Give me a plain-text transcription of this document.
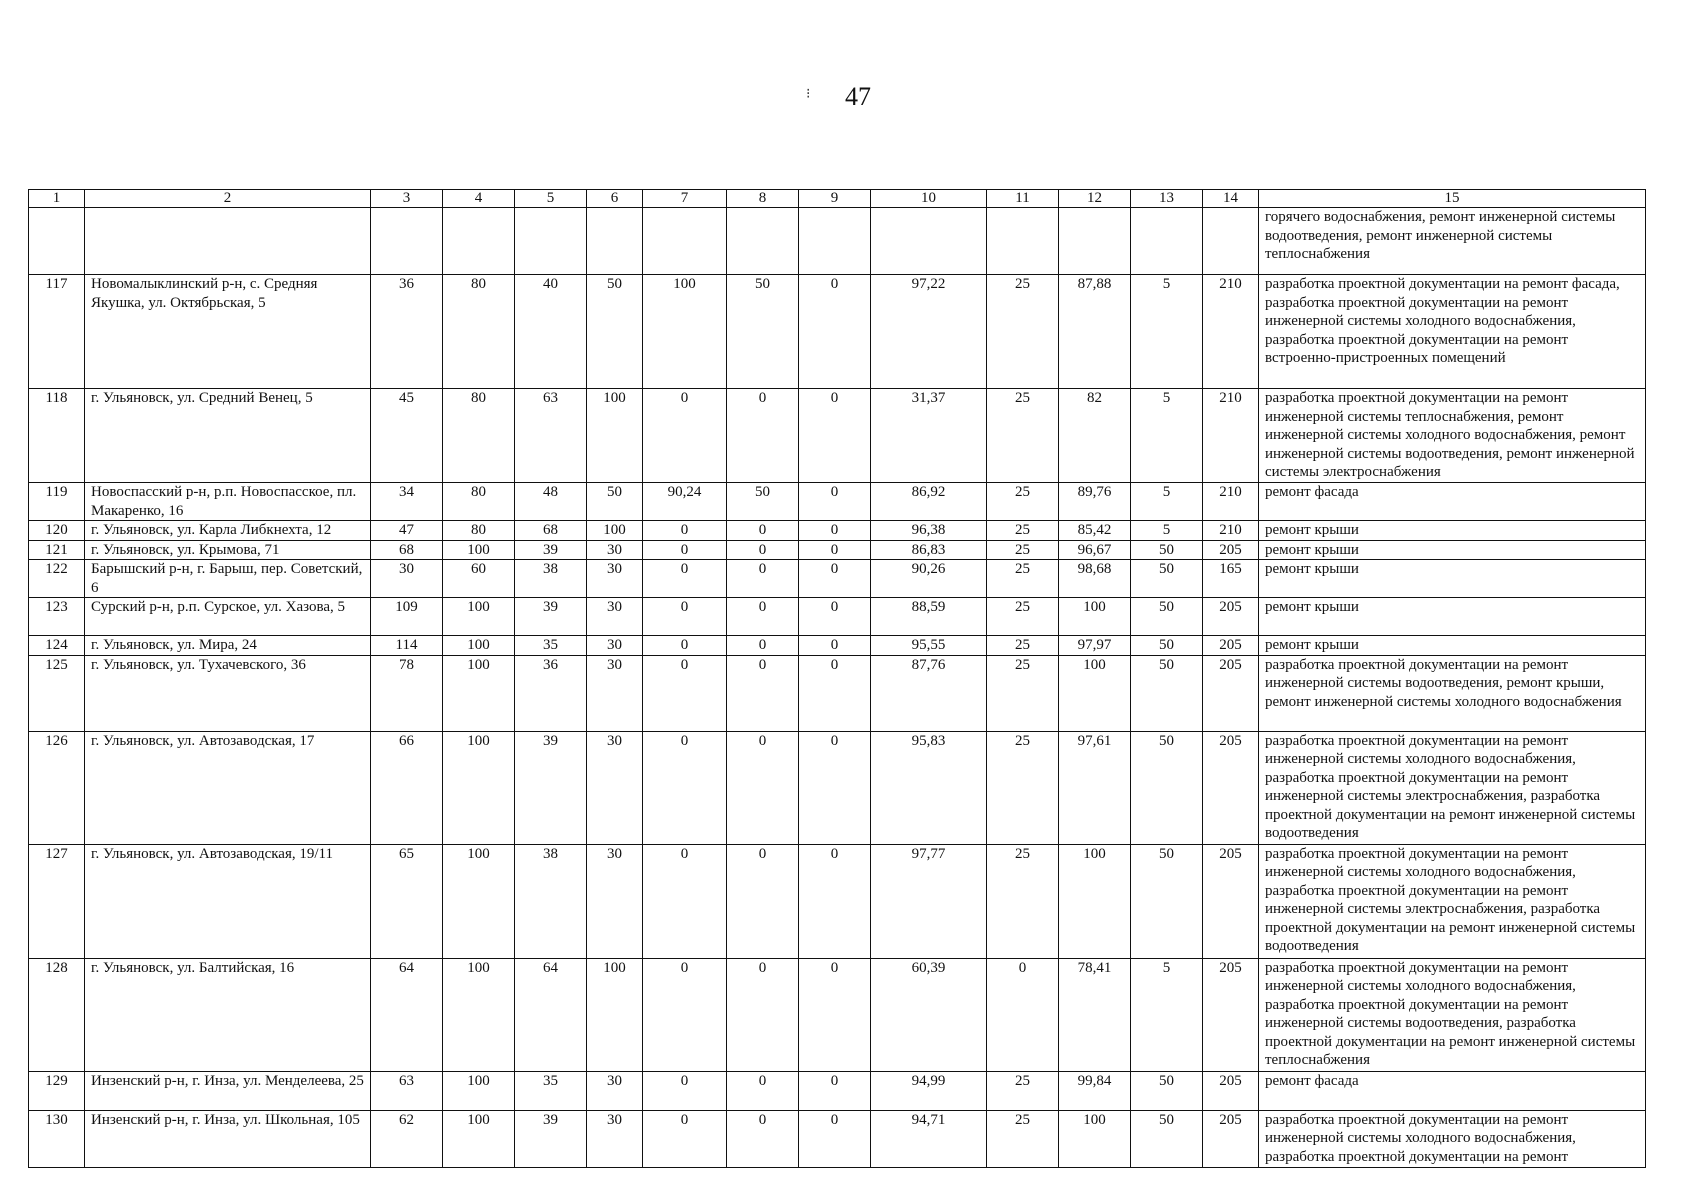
47
⁝
1	2	3	4	5	6	7	8	9	10	11	12	13	14	15
														горячего водоснабжения, ремонт инженерной системы водоотведения, ремонт инженерной системы теплоснабжения
117	Новомалыклинский р-н, с. Средняя Якушка, ул. Октябрьская, 5	36	80	40	50	100	50	0	97,22	25	87,88	5	210	разработка проектной документации на ремонт фасада, разработка проектной документации на ремонт инженерной системы холодного водоснабжения, разработка проектной документации на ремонт встроенно-пристроенных помещений
118	г. Ульяновск, ул. Средний Венец, 5	45	80	63	100	0	0	0	31,37	25	82	5	210	разработка проектной документации на ремонт инженерной системы теплоснабжения, ремонт инженерной системы холодного водоснабжения, ремонт инженерной системы водоотведения, ремонт инженерной системы электроснабжения
119	Новоспасский р-н, р.п. Новоспасское, пл. Макаренко, 16	34	80	48	50	90,24	50	0	86,92	25	89,76	5	210	ремонт фасада
120	г. Ульяновск, ул. Карла Либкнехта, 12	47	80	68	100	0	0	0	96,38	25	85,42	5	210	ремонт крыши
121	г. Ульяновск, ул. Крымова, 71	68	100	39	30	0	0	0	86,83	25	96,67	50	205	ремонт крыши
122	Барышский р-н, г. Барыш, пер. Советский, 6	30	60	38	30	0	0	0	90,26	25	98,68	50	165	ремонт крыши
123	Сурский р-н, р.п. Сурское, ул. Хазова, 5	109	100	39	30	0	0	0	88,59	25	100	50	205	ремонт крыши
124	г. Ульяновск, ул. Мира, 24	114	100	35	30	0	0	0	95,55	25	97,97	50	205	ремонт крыши
125	г. Ульяновск, ул. Тухачевского, 36	78	100	36	30	0	0	0	87,76	25	100	50	205	разработка проектной документации на ремонт инженерной системы водоотведения, ремонт крыши, ремонт инженерной системы холодного водоснабжения
126	г. Ульяновск, ул. Автозаводская, 17	66	100	39	30	0	0	0	95,83	25	97,61	50	205	разработка проектной документации на ремонт инженерной системы холодного водоснабжения, разработка проектной документации на ремонт инженерной системы электроснабжения, разработка проектной документации на ремонт инженерной системы водоотведения
127	г. Ульяновск, ул. Автозаводская, 19/11	65	100	38	30	0	0	0	97,77	25	100	50	205	разработка проектной документации на ремонт инженерной системы холодного водоснабжения, разработка проектной документации на ремонт инженерной системы электроснабжения, разработка проектной документации на ремонт инженерной системы водоотведения
128	г. Ульяновск, ул. Балтийская, 16	64	100	64	100	0	0	0	60,39	0	78,41	5	205	разработка проектной документации на ремонт инженерной системы холодного водоснабжения, разработка проектной документации на ремонт инженерной системы водоотведения, разработка проектной документации на ремонт инженерной системы теплоснабжения
129	Инзенский р-н, г. Инза, ул. Менделеева, 25	63	100	35	30	0	0	0	94,99	25	99,84	50	205	ремонт фасада
130	Инзенский р-н, г. Инза, ул. Школьная, 105	62	100	39	30	0	0	0	94,71	25	100	50	205	разработка проектной документации на ремонт инженерной системы холодного водоснабжения, разработка проектной документации на ремонт
